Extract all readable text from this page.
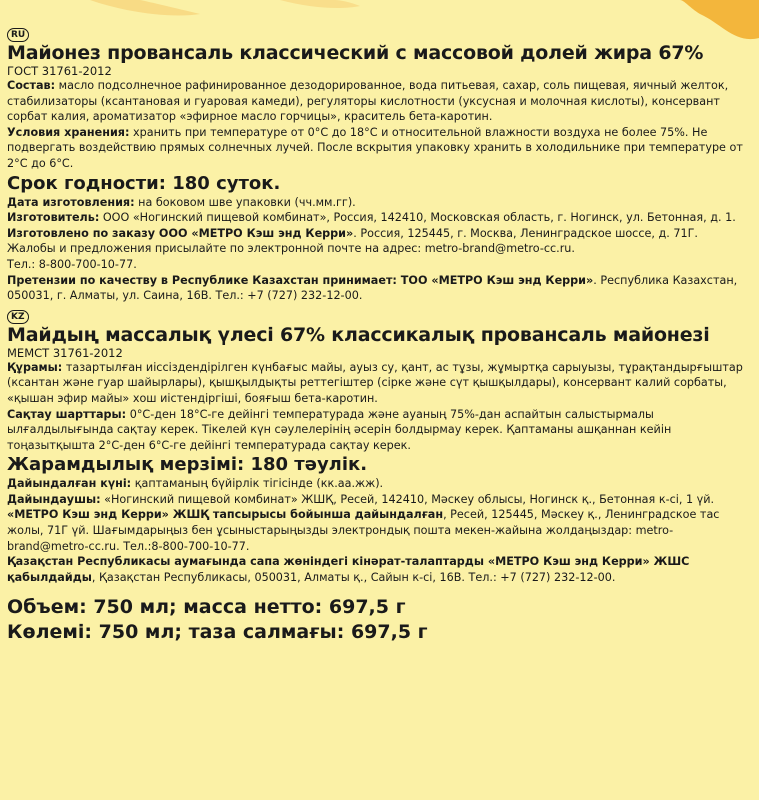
RU
Майонез провансаль классический с массовой долей жира 67%
ГОСТ 31761-2012

Состав: масло подсолнечное рафинированное дезодорированное, вода питьевая, сахар, соль пищевая, яичный желток, стабилизаторы (ксантановая и гуаровая камеди), регуляторы кислотности (уксусная и молочная кислоты), консервант сорбат калия, ароматизатор «эфирное масло горчицы», краситель бета-каротин.

Условия хранения: хранить при температуре от 0°С до 18°С и относительной влажности воздуха не более 75%. Не подвергать воздействию прямых солнечных лучей. После вскрытия упаковку хранить в холодильнике при температуре от 2°С до 6°С.

Срок годности: 180 суток.

Дата изготовления: на боковом шве упаковки (чч.мм.гг).

Изготовитель: ООО «Ногинский пищевой комбинат», Россия, 142410, Московская область, г. Ногинск, ул. Бетонная, д. 1.

Изготовлено по заказу ООО «МЕТРО Кэш энд Керри». Россия, 125445, г. Москва, Ленинградское шоссе, д. 71Г.

Жалобы и предложения присылайте по электронной почте на адрес: metro-brand@metro-cc.ru.

Тел.: 8-800-700-10-77.

Претензии по качеству в Республике Казахстан принимает: ТОО «МЕТРО Кэш энд Керри». Республика Казахстан, 050031, г. Алматы, ул. Саина, 16В. Тел.: +7 (727) 232-12-00.

KZ
Майдың массалық үлесі 67% классикалық провансаль майонезі
МЕМСТ 31761-2012

Құрамы: тазартылған иіссіздендірілген күнбағыс майы, ауыз су, қант, ас тұзы, жұмыртқа сарыуызы, тұрақтандырғыштар (ксантан және гуар шайырлары), қышқылдықты реттегіштер (сірке және сүт қышқылдары), консервант калий сорбаты, «қышан эфир майы» хош иістендіргіші, бояғыш бета-каротин.

Сақтау шарттары: 0°С-ден 18°С-ге дейінгі температурада және ауаның 75%-дан аспайтын салыстырмалы ылғалдылығында сақтау керек. Тікелей күн сәулелерінің әсерін болдырмау керек. Қаптаманы ашқаннан кейін тоңазытқышта 2°С-ден 6°С-ге дейінгі температурада сақтау керек.

Жарамдылық мерзімі: 180 тәулік.

Дайындалған күні: қаптаманың бүйірлік тігісінде (кк.аа.жж).

Дайындаушы: «Ногинский пищевой комбинат» ЖШҚ, Ресей, 142410, Мәскеу облысы, Ногинск қ., Бетонная к-сі, 1 үй.

«МЕТРО Кэш энд Керри» ЖШҚ тапсырысы бойынша дайындалған, Ресей, 125445, Мәскеу қ., Ленинградское тас жолы, 71Г үй. Шағымдарыңыз бен ұсыныстарыңызды электрондық пошта мекен-жайына жолдаңыздар: metro-brand@metro-cc.ru. Тел.:8-800-700-10-77.

Қазақстан Республикасы аумағында сапа жөніндегі кінәрат-талаптарды «МЕТРО Кэш энд Керри» ЖШС қабылдайды, Қазақстан Республикасы, 050031, Алматы қ., Сайын к-сі, 16В. Тел.: +7 (727) 232-12-00.

Объем: 750 мл; масса нетто: 697,5 г
Көлемі: 750 мл; таза салмағы: 697,5 г
